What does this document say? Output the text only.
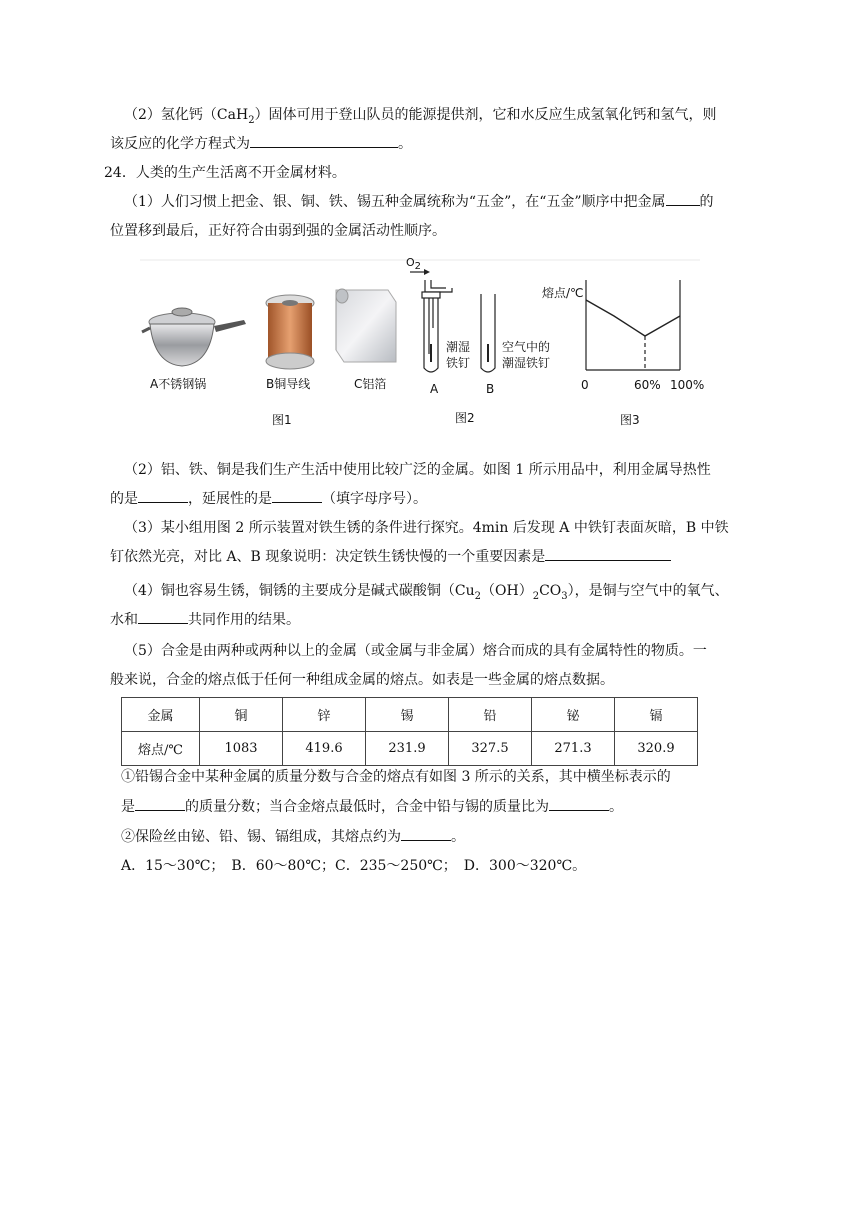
（2）氢化钙（CaH$_2$）固体可用于登山队员的能源提供剂，它和水反应生成氢氧化钙和氢气，则
该反应的化学方程式为	。
24．人类的生产生活离不开金属材料。
（1）人们习惯上把金、银、铜、铁、锡五种金属统称为“五金”，在“五金”顺序中把金属 的
位置移到最后，正好符合由弱到强的金属活动性顺序。
A不锈钢锅	B铜导线	C铝箔
$O_2$
潮湿
铁钉
空气中的
潮湿铁钉
A	B
熔点/℃
0	60% 100%
图1	图2	图3
（2）铝、铁、铜是我们生产生活中使用比较广泛的金属。如图 1 所示用品中，利用金属导热性
的是	，延展性的是	（填字母序号）。
（3）某小组用图 2 所示装置对铁生锈的条件进行探究。4min 后发现 A 中铁钉表面灰暗，B 中铁
钉依然光亮，对比 A、B 现象说明：决定铁生锈快慢的一个重要因素是
（4）铜也容易生锈，铜锈的主要成分是碱式碳酸铜$(Cu_2(OH)_2CO_3)$，是铜与空气中的氧气、
水和	共同作用的结果。
（5）合金是由两种或两种以上的金属（或金属与非金属）熔合而成的具有金属特性的物质。一
般来说，合金的熔点低于任何一种组成金属的熔点。如表是一些金属的熔点数据。
金属	铜	锌	锡	铅	铋	镉
熔点/℃	1083	419.6	231.9	327.5	271.3	320.9
①铅锡合金中某种金属的质量分数与合金的熔点有如图 3 所示的关系，其中横坐标表示的
是	的质量分数；当合金熔点最低时，合金中铅与锡的质量比为	。
②保险丝由铋、铅、锡、镉组成，其熔点约为	。
A．15～30℃；　B．60～80℃；C．235～250℃；　D．300～320℃。
